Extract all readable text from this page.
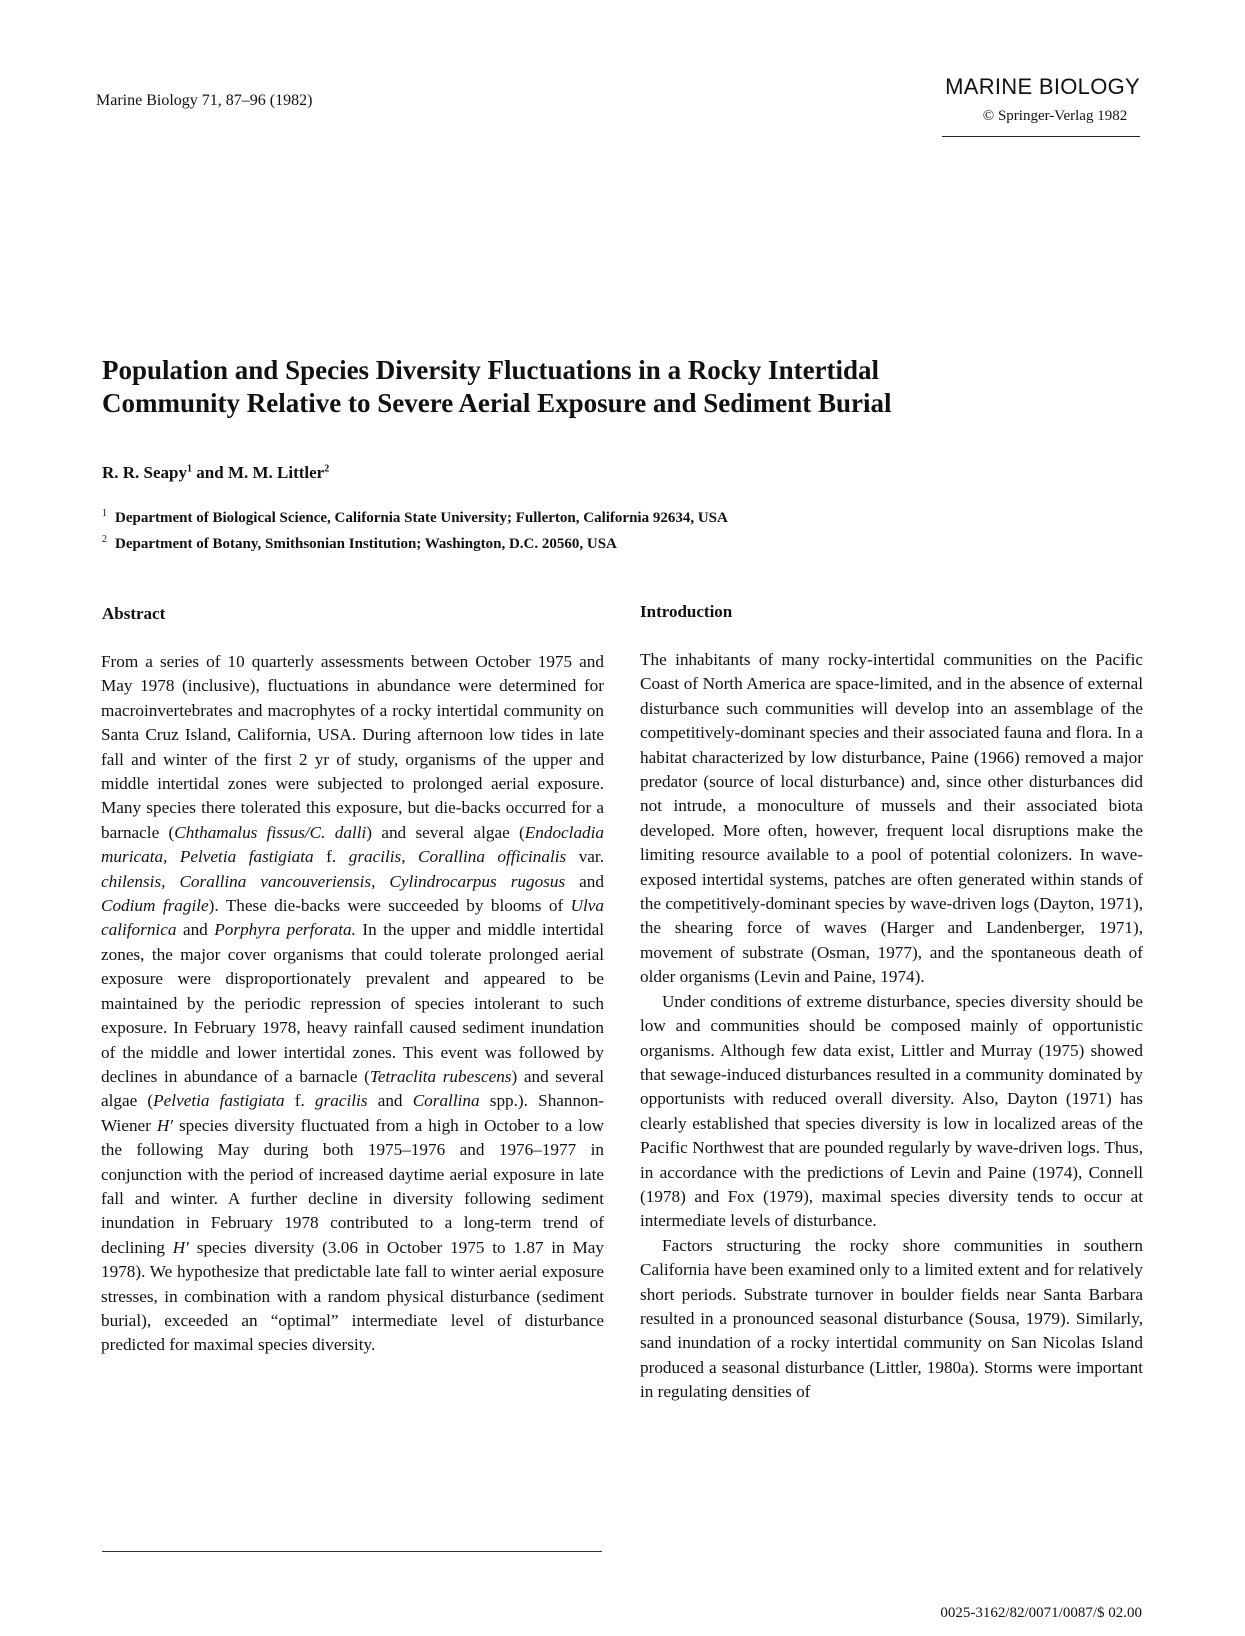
Marine Biology 71, 87–96 (1982)
MARINE BIOLOGY
© Springer-Verlag 1982
Population and Species Diversity Fluctuations in a Rocky Intertidal
Community Relative to Severe Aerial Exposure and Sediment Burial
R. R. Seapy$^1$ and M. M. Littler$^2$
$^1$ Department of Biological Science, California State University; Fullerton, California 92634, USA
$^2$ Department of Botany, Smithsonian Institution; Washington, D.C. 20560, USA
Abstract
From a series of 10 quarterly assessments between October 1975 and May 1978 (inclusive), fluctuations in abundance were determined for macroinvertebrates and macrophytes of a rocky intertidal community on Santa Cruz Island, California, USA. During afternoon low tides in late fall and winter of the first 2 yr of study, organisms of the upper and middle intertidal zones were subjected to prolonged aerial exposure. Many species there tolerated this exposure, but die-backs occurred for a barnacle (Chthamalus fissus/C. dalli) and several algae (Endocladia muricata, Pelvetia fastigiata f. gracilis, Corallina officinalis var. chilensis, Corallina vancouveriensis, Cylindrocarpus rugosus and Codium fragile). These die-backs were succeeded by blooms of Ulva californica and Porphyra perforata. In the upper and middle intertidal zones, the major cover organisms that could tolerate prolonged aerial exposure were disproportionately prevalent and appeared to be maintained by the periodic repression of species intolerant to such exposure. In February 1978, heavy rainfall caused sediment inundation of the middle and lower intertidal zones. This event was followed by declines in abundance of a barnacle (Tetraclita rubescens) and several algae (Pelvetia fastigiata f. gracilis and Corallina spp.). Shannon-Wiener H′ species diversity fluctuated from a high in October to a low the following May during both 1975–1976 and 1976–1977 in conjunction with the period of increased daytime aerial exposure in late fall and winter. A further decline in diversity following sediment inundation in February 1978 contributed to a long-term trend of declining H′ species diversity (3.06 in October 1975 to 1.87 in May 1978). We hypothesize that predictable late fall to winter aerial exposure stresses, in combination with a random physical disturbance (sediment burial), exceeded an “optimal” intermediate level of disturbance predicted for maximal species diversity.
Introduction

The inhabitants of many rocky-intertidal communities on the Pacific Coast of North America are space-limited, and in the absence of external disturbance such communities will develop into an assemblage of the competitively-dominant species and their associated fauna and flora. In a habitat characterized by low disturbance, Paine (1966) removed a major predator (source of local disturbance) and, since other disturbances did not intrude, a monoculture of mussels and their associated biota developed. More often, however, frequent local disruptions make the limiting resource available to a pool of potential colonizers. In wave-exposed intertidal systems, patches are often generated within stands of the competitively-dominant species by wave-driven logs (Dayton, 1971), the shearing force of waves (Harger and Landenberger, 1971), movement of substrate (Osman, 1977), and the spontaneous death of older organisms (Levin and Paine, 1974).

Under conditions of extreme disturbance, species diversity should be low and communities should be composed mainly of opportunistic organisms. Although few data exist, Littler and Murray (1975) showed that sewage-induced disturbances resulted in a community dominated by opportunists with reduced overall diversity. Also, Dayton (1971) has clearly established that species diversity is low in localized areas of the Pacific Northwest that are pounded regularly by wave-driven logs. Thus, in accordance with the predictions of Levin and Paine (1974), Connell (1978) and Fox (1979), maximal species diversity tends to occur at intermediate levels of disturbance.

Factors structuring the rocky shore communities in southern California have been examined only to a limited extent and for relatively short periods. Substrate turnover in boulder fields near Santa Barbara resulted in a pronounced seasonal disturbance (Sousa, 1979). Similarly, sand inundation of a rocky intertidal community on San Nicolas Island produced a seasonal disturbance (Littler, 1980a). Storms were important in regulating densities of

0025-3162/82/0071/0087/$ 02.00
